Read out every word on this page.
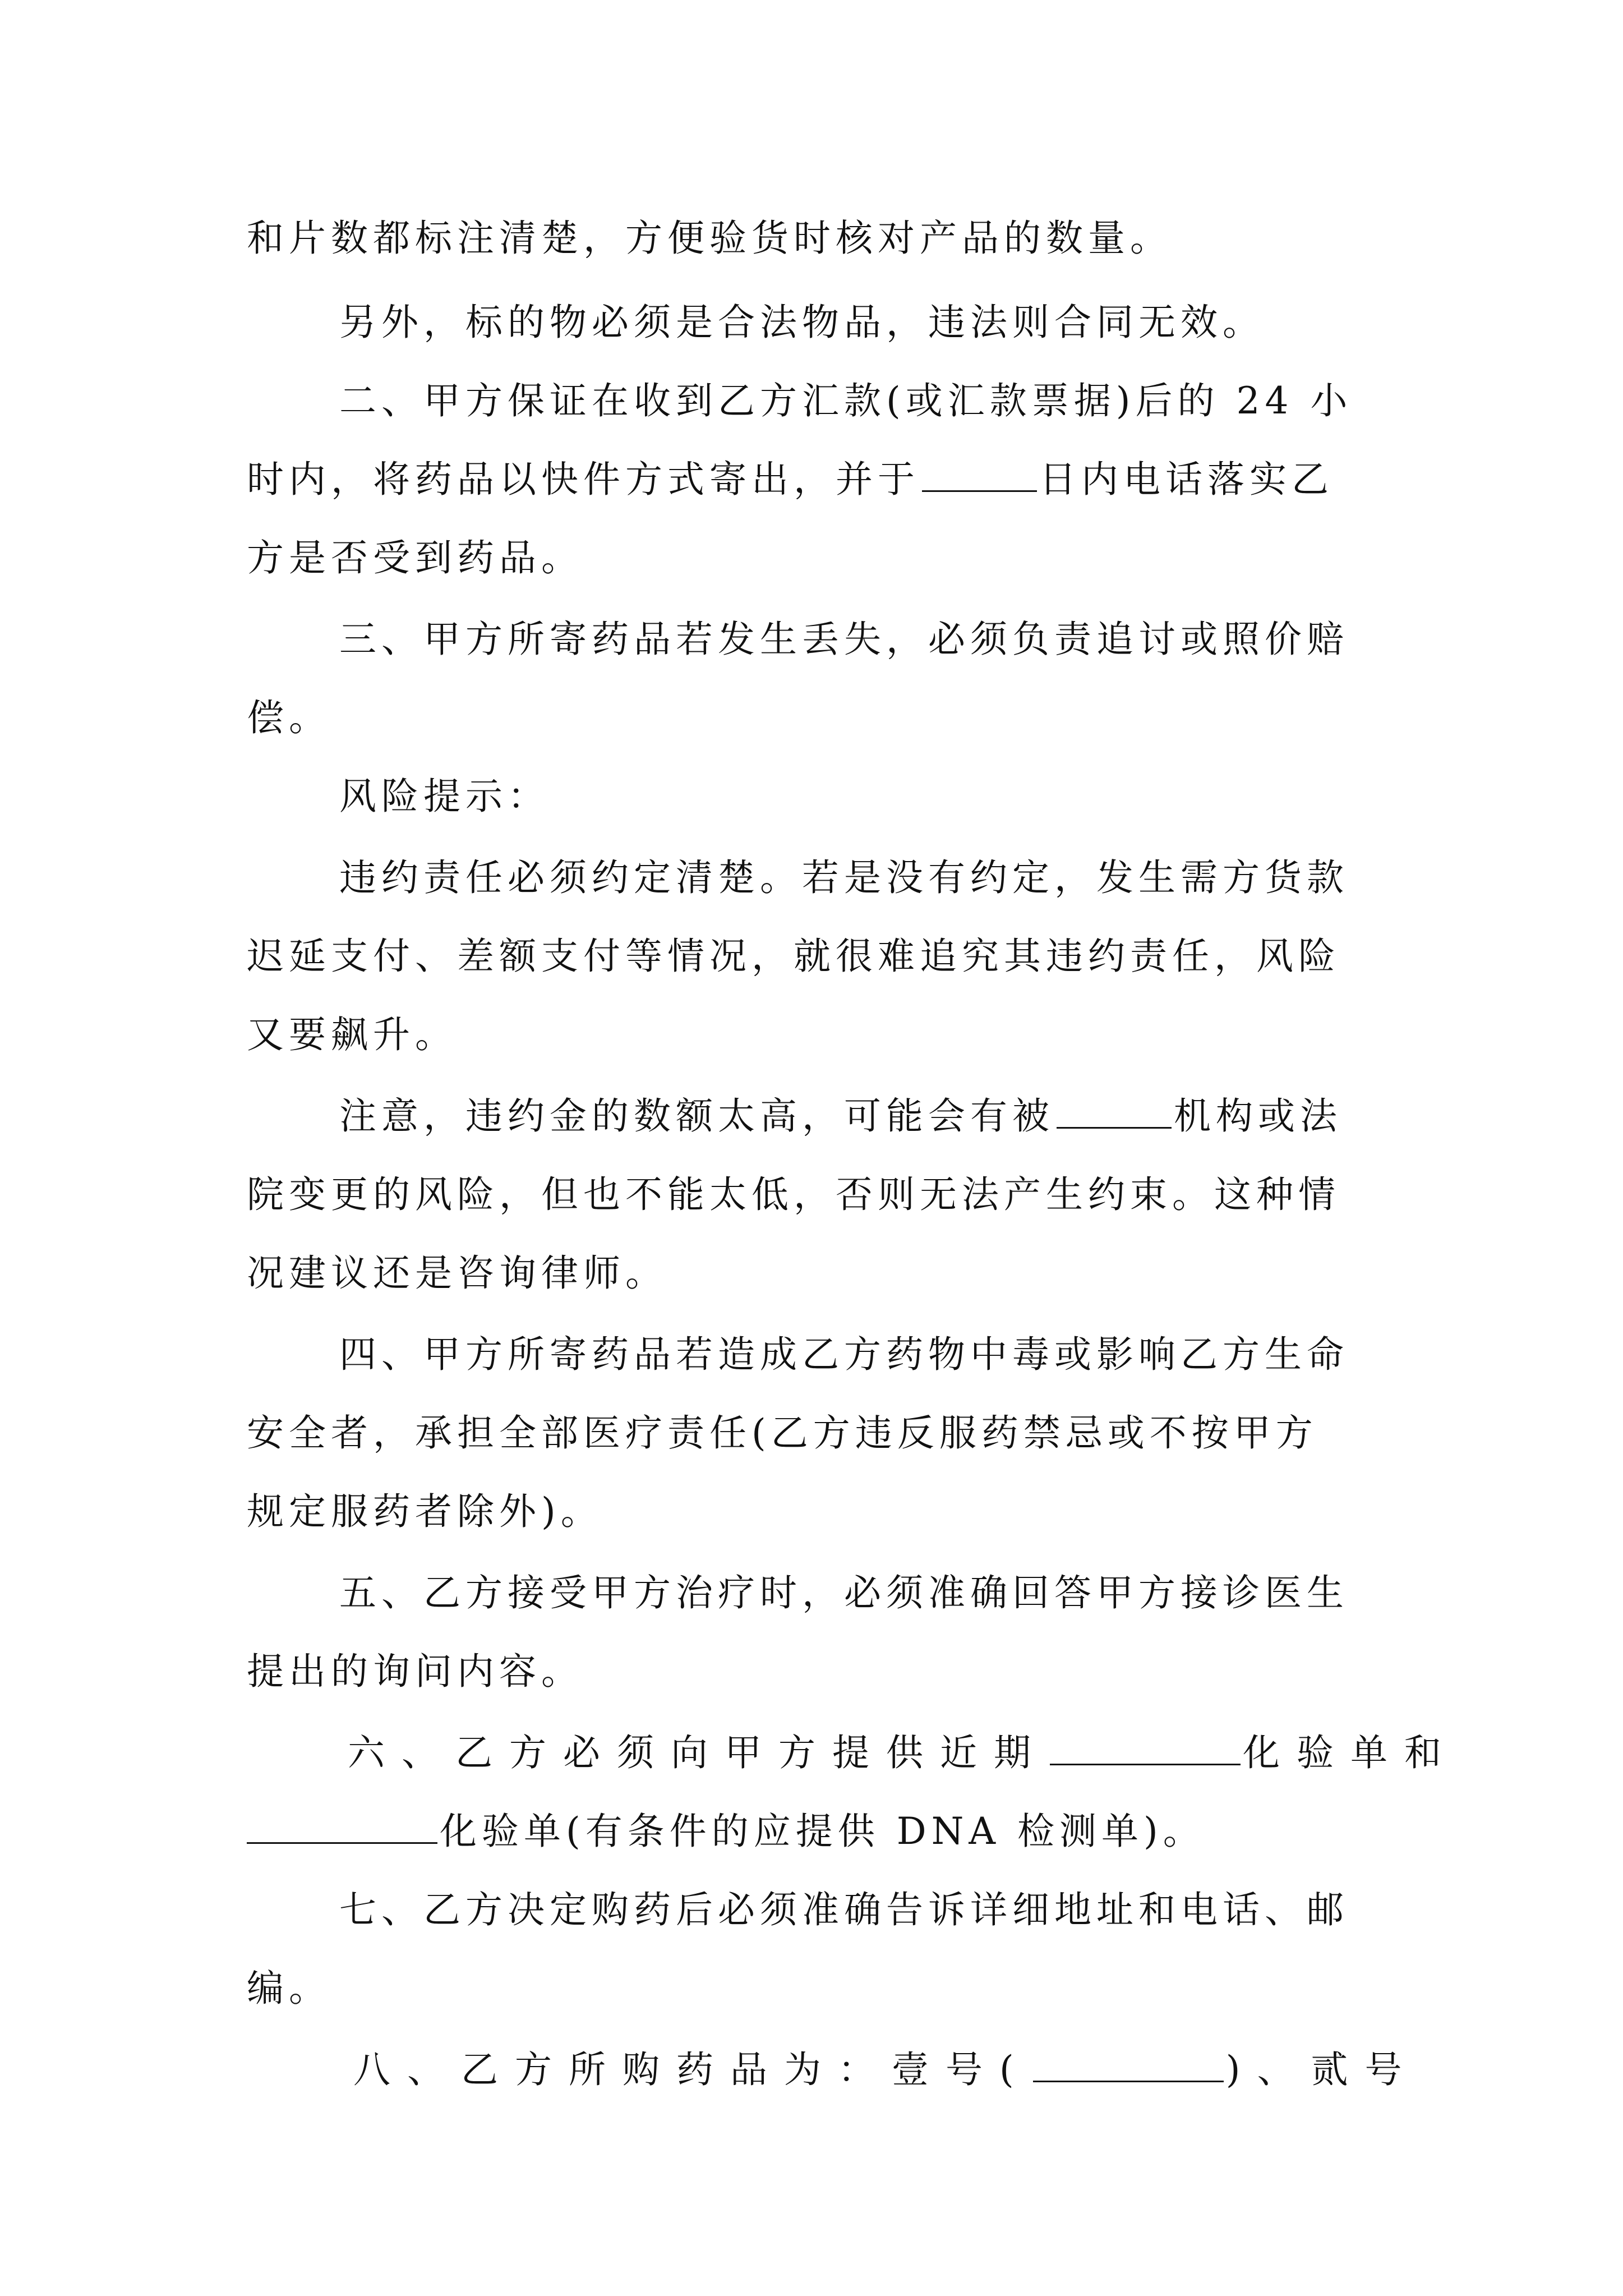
和片数都标注清楚，方便验货时核对产品的数量。
另外，标的物必须是合法物品，违法则合同无效。
二、甲方保证在收到乙方汇款(或汇款票据)后的 24 小
时内，将药品以快件方式寄出，并于	日内电话落实乙
方是否受到药品。
三、甲方所寄药品若发生丢失，必须负责追讨或照价赔
偿。
风险提示：
违约责任必须约定清楚。若是没有约定，发生需方货款
迟延支付、差额支付等情况，就很难追究其违约责任，风险
又要飙升。
注意，违约金的数额太高，可能会有被	机构或法
院变更的风险，但也不能太低，否则无法产生约束。这种情
况建议还是咨询律师。
四、甲方所寄药品若造成乙方药物中毒或影响乙方生命
安全者，承担全部医疗责任(乙方违反服药禁忌或不按甲方
规定服药者除外)。
五、乙方接受甲方治疗时，必须准确回答甲方接诊医生
提出的询问内容。
六、乙方必须向甲方提供近期	化验单和
化验单(有条件的应提供 DNA 检测单)。
七、乙方决定购药后必须准确告诉详细地址和电话、邮
编。
八、乙方所购药品为：壹号(	)、贰号
